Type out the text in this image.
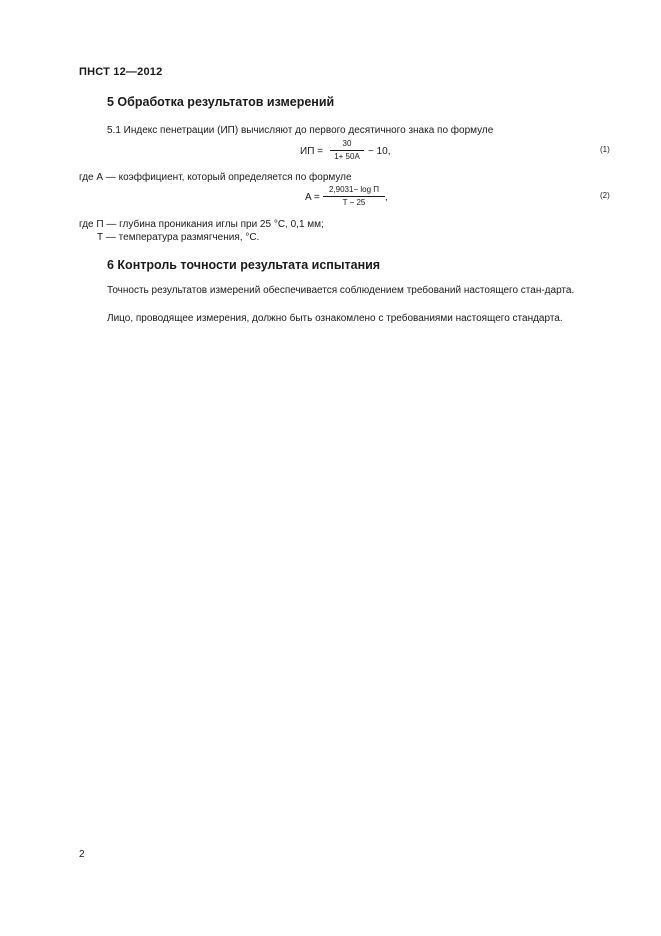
ПНСТ 12—2012
5 Обработка результатов измерений
5.1 Индекс пенетрации (ИП) вычисляют до первого десятичного знака по формуле
ИП =
30
1+ 50A − 10,	(1)
где А — коэффициент, который определяется по формуле
A =
2,9031− log П
T − 25 ,	(2)
где П — глубина проникания иглы при 25 °С, 0,1 мм;
Т — температура размягчения, °С.
6 Контроль точности результата испытания
Точность результатов измерений обеспечивается соблюдением требований настоящего стан-дарта.
Лицо, проводящее измерения, должно быть ознакомлено с требованиями настоящего стандарта.
2
